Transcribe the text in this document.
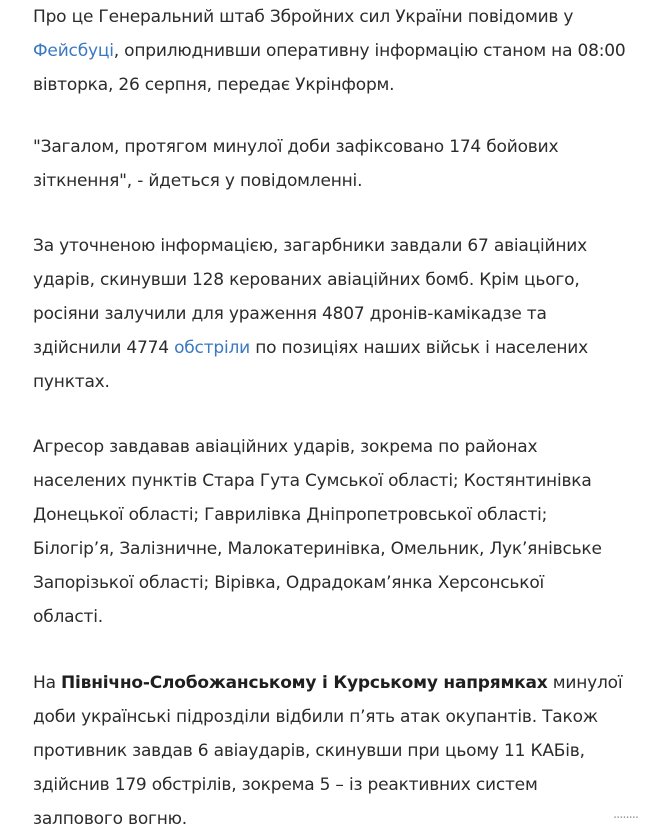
Про це Генеральний штаб Збройних сил України повідомив у
Фейсбуці, оприлюднивши оперативну інформацію станом на 08:00
вівторка, 26 серпня, передає Укрінформ.
"Загалом, протягом минулої доби зафіксовано 174 бойових
зіткнення", - йдеться у повідомленні.
За уточненою інформацією, загарбники завдали 67 авіаційних
ударів, скинувши 128 керованих авіаційних бомб. Крім цього,
росіяни залучили для ураження 4807 дронів-камікадзе та
здійснили 4774 обстріли по позиціях наших військ і населених
пунктах.
Агресор завдавав авіаційних ударів, зокрема по районах
населених пунктів Стара Гута Сумської області; Костянтинівка
Донецької області; Гаврилівка Дніпропетровської області;
Білогір’я, Залізничне, Малокатеринівка, Омельник, Лук’янівське
Запорізької області; Вірівка, Одрадокам’янка Херсонської
області.
На Північно-Слобожанському і Курському напрямках минулої
доби українські підрозділи відбили п’ять атак окупантів. Також
противник завдав 6 авіаударів, скинувши при цьому 11 КАБів,
здійснив 179 обстрілів, зокрема 5 – із реактивних систем
залпового вогню.	........
